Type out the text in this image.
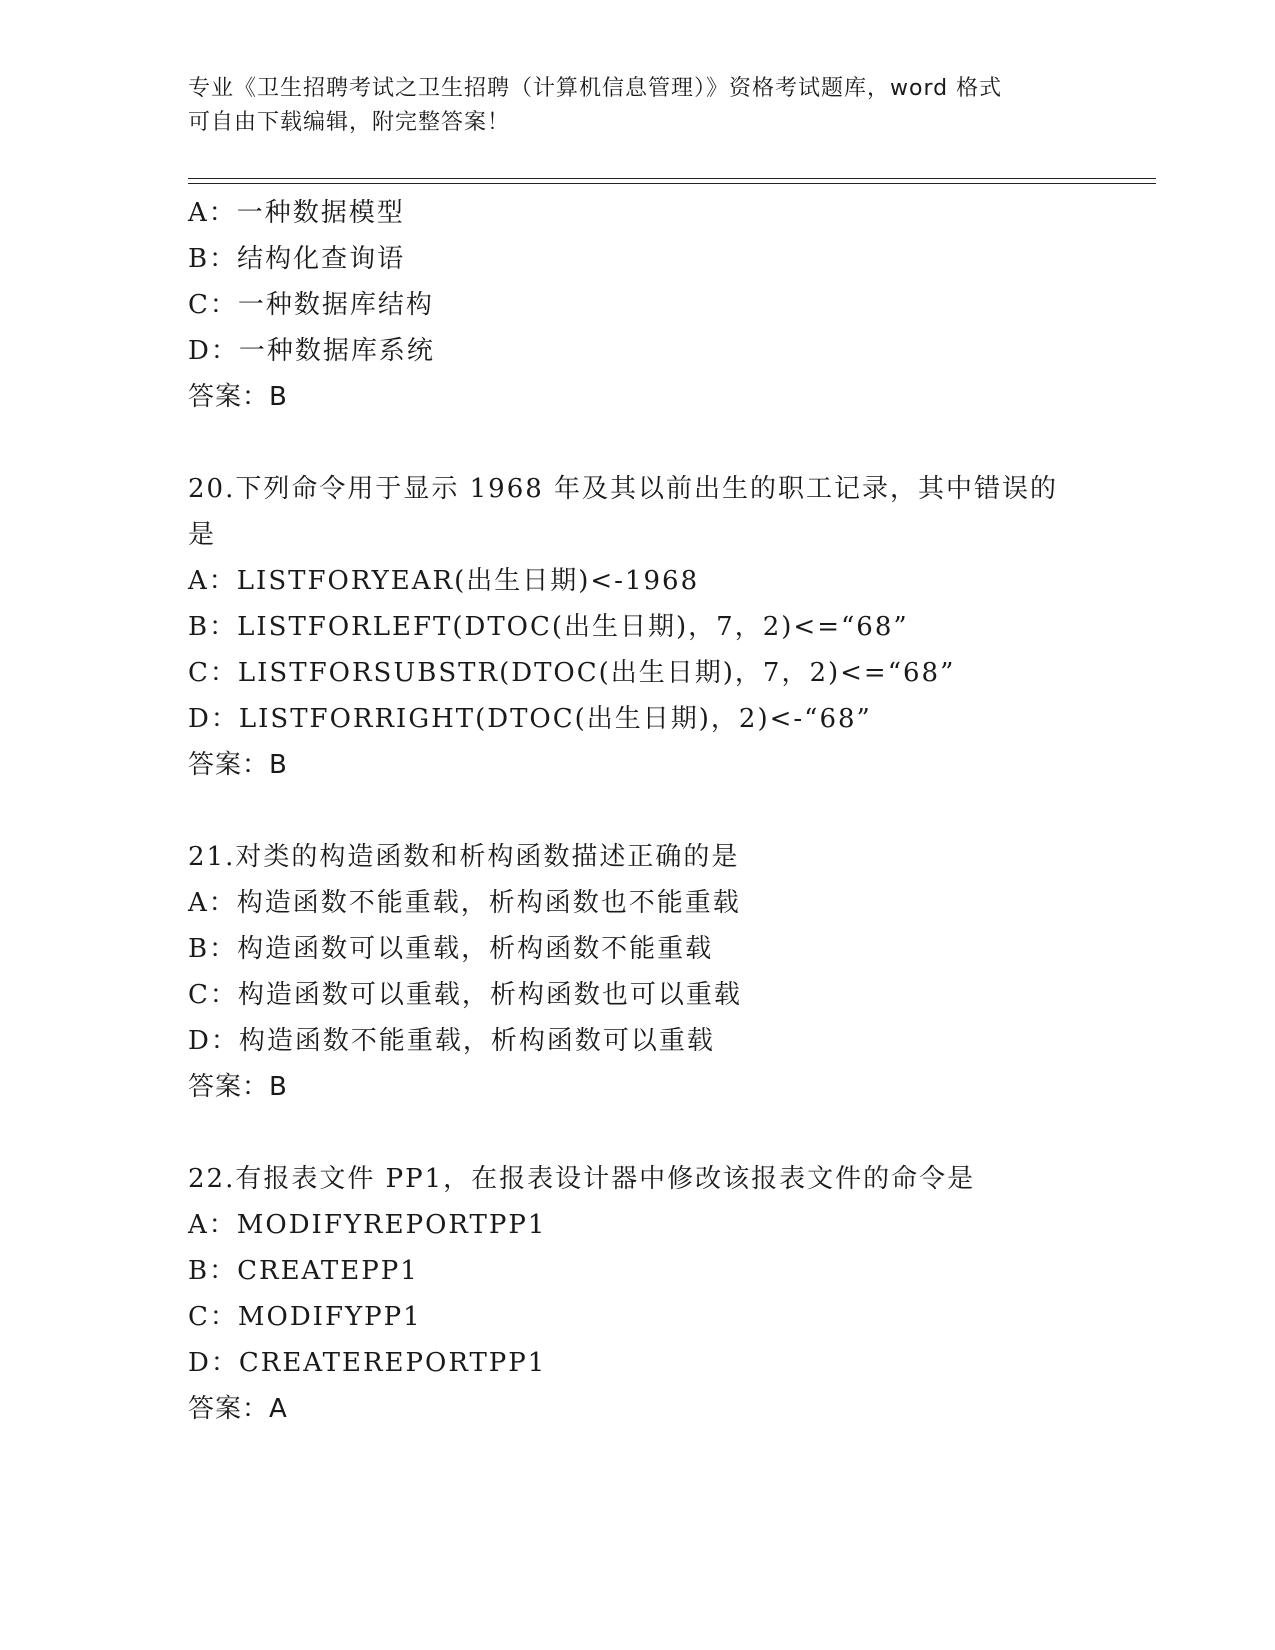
专业《卫生招聘考试之卫生招聘（计算机信息管理）》资格考试题库，word 格式
可自由下载编辑，附完整答案！
A：一种数据模型
B：结构化查询语
C：一种数据库结构
D：一种数据库系统
答案：B
20.下列命令用于显示 1968 年及其以前出生的职工记录，其中错误的
是
A：LISTFORYEAR(出生日期)<-1968
B：LISTFORLEFT(DTOC(出生日期)，7，2)<=“68”
C：LISTFORSUBSTR(DTOC(出生日期)，7，2)<=“68”
D：LISTFORRIGHT(DTOC(出生日期)，2)<-“68”
答案：B
21.对类的构造函数和析构函数描述正确的是
A：构造函数不能重载，析构函数也不能重载
B：构造函数可以重载，析构函数不能重载
C：构造函数可以重载，析构函数也可以重载
D：构造函数不能重载，析构函数可以重载
答案：B
22.有报表文件 PP1，在报表设计器中修改该报表文件的命令是
A：MODIFYREPORTPP1
B：CREATEPP1
C：MODIFYPP1
D：CREATEREPORTPP1
答案：A
